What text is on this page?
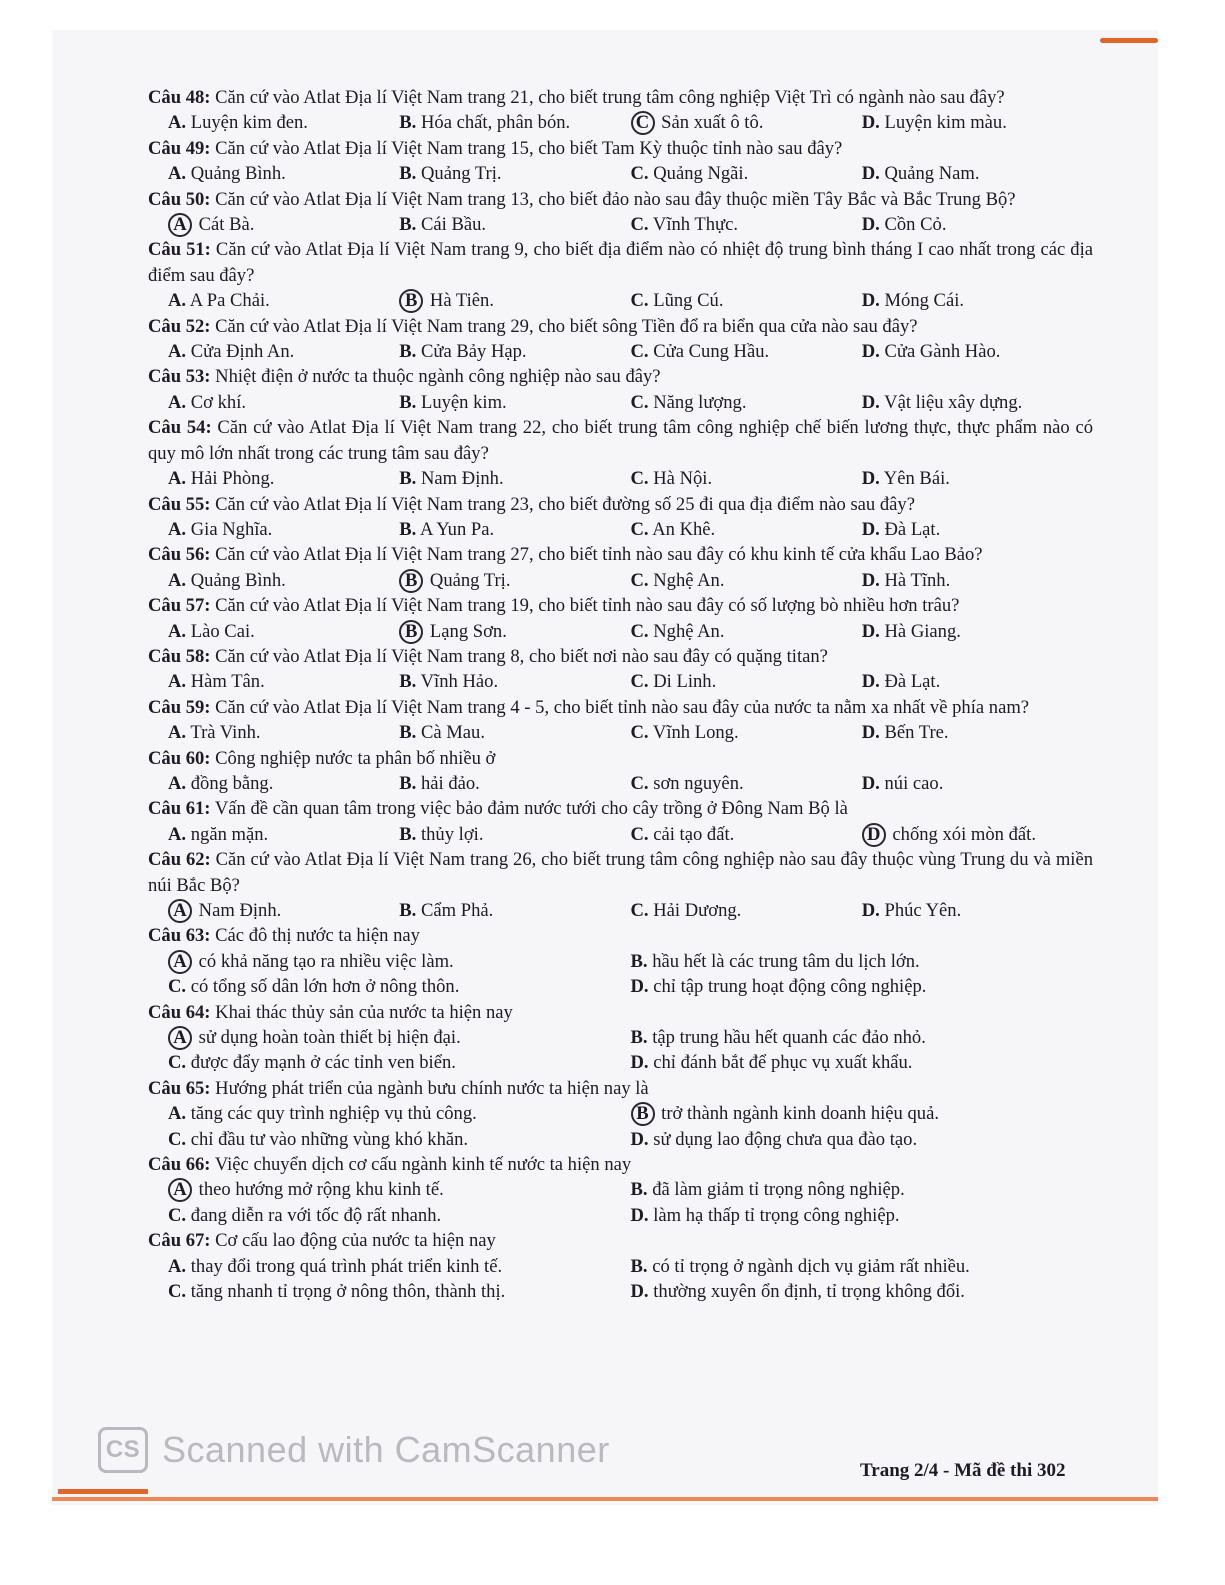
Câu 48: Căn cứ vào Atlat Địa lí Việt Nam trang 21, cho biết trung tâm công nghiệp Việt Trì có ngành nào sau đây?
A. Luyện kim đen.	B. Hóa chất, phân bón.	C Sản xuất ô tô.	D. Luyện kim màu.
Câu 49: Căn cứ vào Atlat Địa lí Việt Nam trang 15, cho biết Tam Kỳ thuộc tỉnh nào sau đây?
A. Quảng Bình.	B. Quảng Trị.	C. Quảng Ngãi.	D. Quảng Nam.
Câu 50: Căn cứ vào Atlat Địa lí Việt Nam trang 13, cho biết đảo nào sau đây thuộc miền Tây Bắc và Bắc Trung Bộ?
A Cát Bà.	B. Cái Bầu.	C. Vĩnh Thực.	D. Cồn Cỏ.
Câu 51: Căn cứ vào Atlat Địa lí Việt Nam trang 9, cho biết địa điểm nào có nhiệt độ trung bình tháng I cao nhất trong các địa điểm sau đây?
A. A Pa Chải.	B Hà Tiên.	C. Lũng Cú.	D. Móng Cái.
Câu 52: Căn cứ vào Atlat Địa lí Việt Nam trang 29, cho biết sông Tiền đổ ra biển qua cửa nào sau đây?
A. Cửa Định An.	B. Cửa Bảy Hạp.	C. Cửa Cung Hầu.	D. Cửa Gành Hào.
Câu 53: Nhiệt điện ở nước ta thuộc ngành công nghiệp nào sau đây?
A. Cơ khí.	B. Luyện kim.	C. Năng lượng.	D. Vật liệu xây dựng.
Câu 54: Căn cứ vào Atlat Địa lí Việt Nam trang 22, cho biết trung tâm công nghiệp chế biến lương thực, thực phẩm nào có quy mô lớn nhất trong các trung tâm sau đây?
A. Hải Phòng.	B. Nam Định.	C. Hà Nội.	D. Yên Bái.
Câu 55: Căn cứ vào Atlat Địa lí Việt Nam trang 23, cho biết đường số 25 đi qua địa điểm nào sau đây?
A. Gia Nghĩa.	B. A Yun Pa.	C. An Khê.	D. Đà Lạt.
Câu 56: Căn cứ vào Atlat Địa lí Việt Nam trang 27, cho biết tỉnh nào sau đây có khu kinh tế cửa khẩu Lao Bảo?
A. Quảng Bình.	B Quảng Trị.	C. Nghệ An.	D. Hà Tĩnh.
Câu 57: Căn cứ vào Atlat Địa lí Việt Nam trang 19, cho biết tỉnh nào sau đây có số lượng bò nhiều hơn trâu?
A. Lào Cai.	B Lạng Sơn.	C. Nghệ An.	D. Hà Giang.
Câu 58: Căn cứ vào Atlat Địa lí Việt Nam trang 8, cho biết nơi nào sau đây có quặng titan?
A. Hàm Tân.	B. Vĩnh Hảo.	C. Di Linh.	D. Đà Lạt.
Câu 59: Căn cứ vào Atlat Địa lí Việt Nam trang 4 - 5, cho biết tỉnh nào sau đây của nước ta nằm xa nhất về phía nam?
A. Trà Vinh.	B. Cà Mau.	C. Vĩnh Long.	D. Bến Tre.
Câu 60: Công nghiệp nước ta phân bố nhiều ở
A. đồng bằng.	B. hải đảo.	C. sơn nguyên.	D. núi cao.
Câu 61: Vấn đề cần quan tâm trong việc bảo đảm nước tưới cho cây trồng ở Đông Nam Bộ là
A. ngăn mặn.	B. thủy lợi.	C. cải tạo đất.	D chống xói mòn đất.
Câu 62: Căn cứ vào Atlat Địa lí Việt Nam trang 26, cho biết trung tâm công nghiệp nào sau đây thuộc vùng Trung du và miền núi Bắc Bộ?
A Nam Định.	B. Cẩm Phả.	C. Hải Dương.	D. Phúc Yên.
Câu 63: Các đô thị nước ta hiện nay
A có khả năng tạo ra nhiều việc làm.	B. hầu hết là các trung tâm du lịch lớn.
C. có tổng số dân lớn hơn ở nông thôn.	D. chỉ tập trung hoạt động công nghiệp.
Câu 64: Khai thác thủy sản của nước ta hiện nay
A sử dụng hoàn toàn thiết bị hiện đại.	B. tập trung hầu hết quanh các đảo nhỏ.
C. được đẩy mạnh ở các tỉnh ven biển.	D. chỉ đánh bắt để phục vụ xuất khẩu.
Câu 65: Hướng phát triển của ngành bưu chính nước ta hiện nay là
A. tăng các quy trình nghiệp vụ thủ công.	B trở thành ngành kinh doanh hiệu quả.
C. chỉ đầu tư vào những vùng khó khăn.	D. sử dụng lao động chưa qua đào tạo.
Câu 66: Việc chuyển dịch cơ cấu ngành kinh tế nước ta hiện nay
A theo hướng mở rộng khu kinh tế.	B. đã làm giảm tỉ trọng nông nghiệp.
C. đang diễn ra với tốc độ rất nhanh.	D. làm hạ thấp tỉ trọng công nghiệp.
Câu 67: Cơ cấu lao động của nước ta hiện nay
A. thay đổi trong quá trình phát triển kinh tế.	B. có tỉ trọng ở ngành dịch vụ giảm rất nhiều.
C. tăng nhanh tỉ trọng ở nông thôn, thành thị.	D. thường xuyên ổn định, tỉ trọng không đổi.
CS Scanned with CamScanner
Trang 2/4 - Mã đề thi 302
